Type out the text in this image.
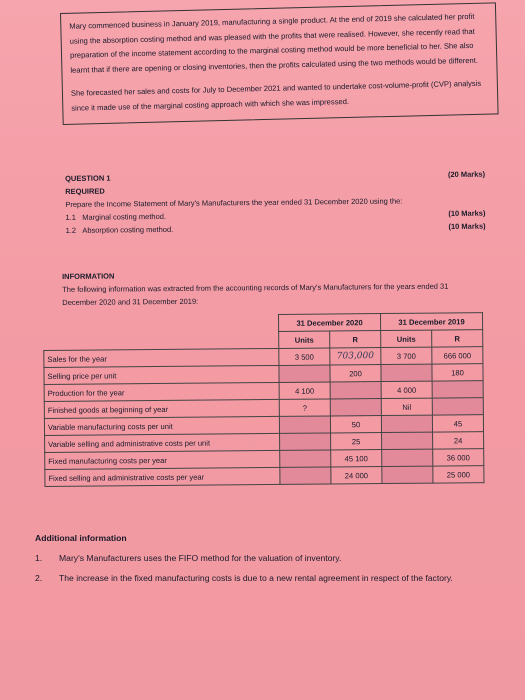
Mary commenced business in January 2019, manufacturing a single product. At the end of 2019 she calculated her profit using the absorption costing method and was pleased with the profits that were realised. However, she recently read that preparation of the income statement according to the marginal costing method would be more beneficial to her. She also learnt that if there are opening or closing inventories, then the profits calculated using the two methods would be different.

She forecasted her sales and costs for July to December 2021 and wanted to undertake cost-volume-profit (CVP) analysis since it made use of the marginal costing approach with which she was impressed.

QUESTION 1	(20 Marks)
REQUIRED
Prepare the Income Statement of Mary's Manufacturers the year ended 31 December 2020 using the:
1.1 Marginal costing method.	(10 Marks)
1.2 Absorption costing method.	(10 Marks)
INFORMATION
The following information was extracted from the accounting records of Mary's Manufacturers for the years ended 31 December 2020 and 31 December 2019:
	31 December 2020		31 December 2019	
	Units	R	Units	R
Sales for the year	3 500	703,000	3 700	666 000
Selling price per unit		200		180
Production for the year	4 100		4 000	
Finished goods at beginning of year	?		Nil	
Variable manufacturing costs per unit		50		45
Variable selling and administrative costs per unit		25		24
Fixed manufacturing costs per year		45 100		36 000
Fixed selling and administrative costs per year		24 000		25 000
Additional information
1.	Mary's Manufacturers uses the FIFO method for the valuation of inventory.
2.	The increase in the fixed manufacturing costs is due to a new rental agreement in respect of the factory.
